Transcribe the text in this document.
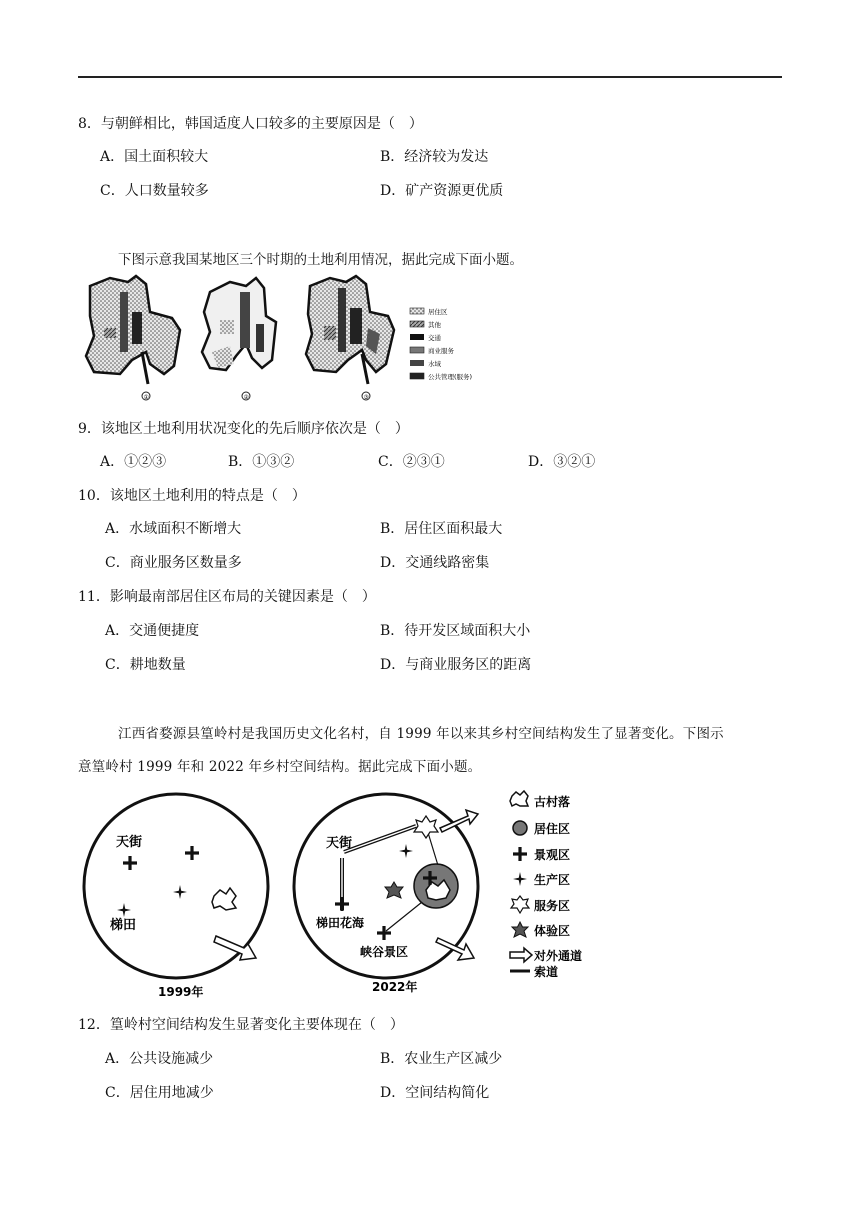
8．与朝鲜相比，韩国适度人口较多的主要原因是（　）
A．国土面积较大	B．经济较为发达
C．人口数量较多	D．矿产资源更优质
下图示意我国某地区三个时期的土地利用情况，据此完成下面小题。
①	②	③
居住区
其他
交通
商业服务
水域
公共管理(服务)
9．该地区土地利用状况变化的先后顺序依次是（　）
A．①②③	B．①③②	C．②③①	D．③②①
10．该地区土地利用的特点是（　）
A．水域面积不断增大	B．居住区面积最大
C．商业服务区数量多	D．交通线路密集
11．影响最南部居住区布局的关键因素是（　）
A．交通便捷度	B．待开发区域面积大小
C．耕地数量	D．与商业服务区的距离
江西省婺源县篁岭村是我国历史文化名村，自 1999 年以来其乡村空间结构发生了显著变化。下图示
意篁岭村 1999 年和 2022 年乡村空间结构。据此完成下面小题。
天街
梯田
1999年
天街
梯田花海
峡谷景区
2022年
古村落
居住区
景观区
生产区
服务区
体验区
对外通道
索道
12．篁岭村空间结构发生显著变化主要体现在（　）
A．公共设施减少	B．农业生产区减少
C．居住用地减少	D．空间结构简化
